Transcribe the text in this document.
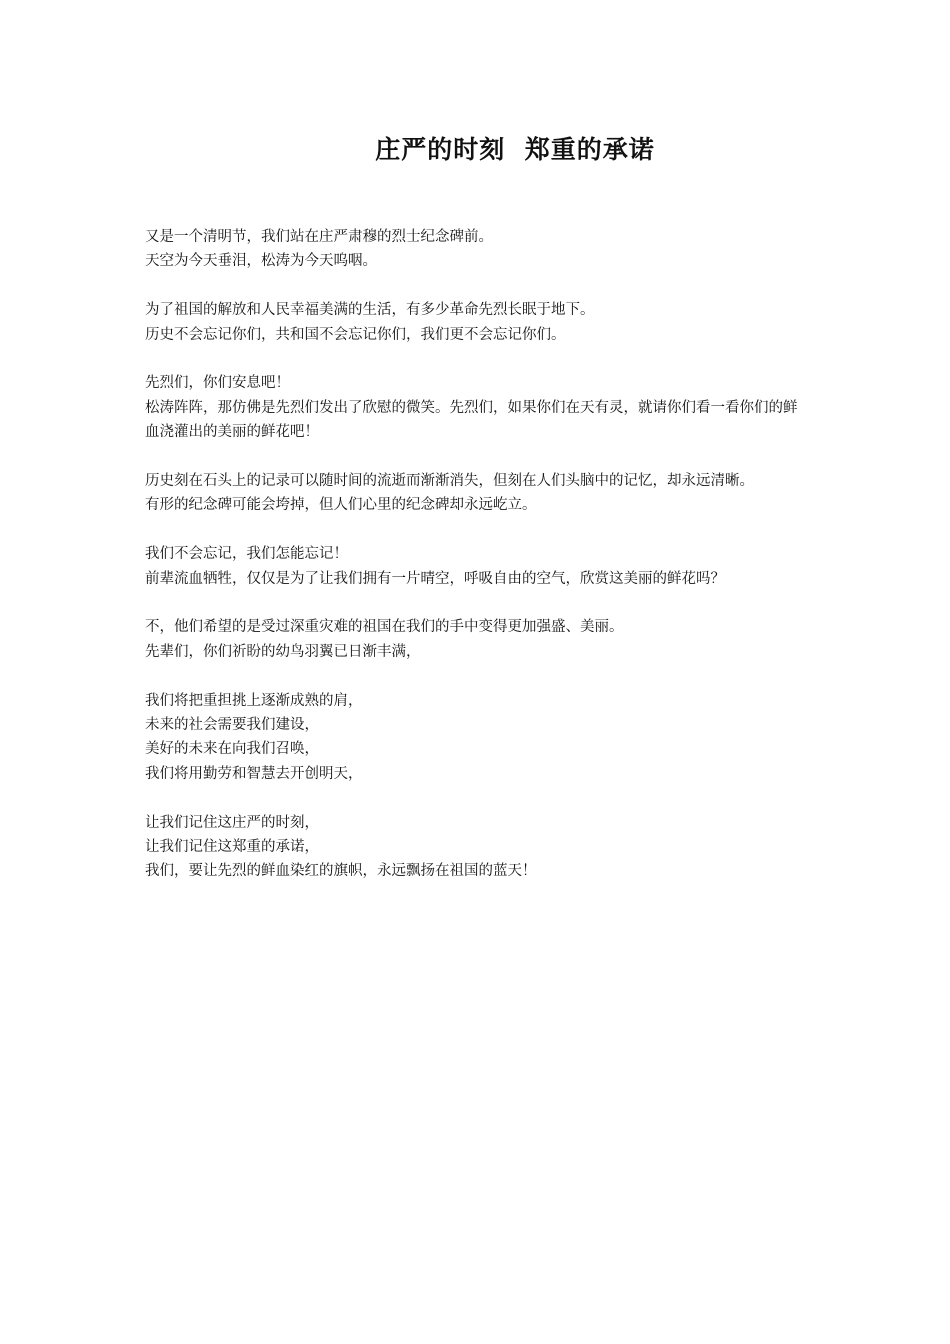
庄严的时刻  郑重的承诺

又是一个清明节，我们站在庄严肃穆的烈士纪念碑前。
天空为今天垂泪，松涛为今天呜咽。

为了祖国的解放和人民幸福美满的生活，有多少革命先烈长眠于地下。
历史不会忘记你们，共和国不会忘记你们，我们更不会忘记你们。

先烈们，你们安息吧！
松涛阵阵，那仿佛是先烈们发出了欣慰的微笑。先烈们，如果你们在天有灵，就请你们看一看你们的鲜血浇灌出的美丽的鲜花吧！

历史刻在石头上的记录可以随时间的流逝而渐渐消失，但刻在人们头脑中的记忆，却永远清晰。
有形的纪念碑可能会垮掉，但人们心里的纪念碑却永远屹立。

我们不会忘记，我们怎能忘记！
前辈流血牺牲，仅仅是为了让我们拥有一片晴空，呼吸自由的空气，欣赏这美丽的鲜花吗？

不，他们希望的是受过深重灾难的祖国在我们的手中变得更加强盛、美丽。
先辈们，你们祈盼的幼鸟羽翼已日渐丰满，

我们将把重担挑上逐渐成熟的肩，
未来的社会需要我们建设，
美好的未来在向我们召唤，
我们将用勤劳和智慧去开创明天，

让我们记住这庄严的时刻，
让我们记住这郑重的承诺，
我们，要让先烈的鲜血染红的旗帜，永远飘扬在祖国的蓝天！
